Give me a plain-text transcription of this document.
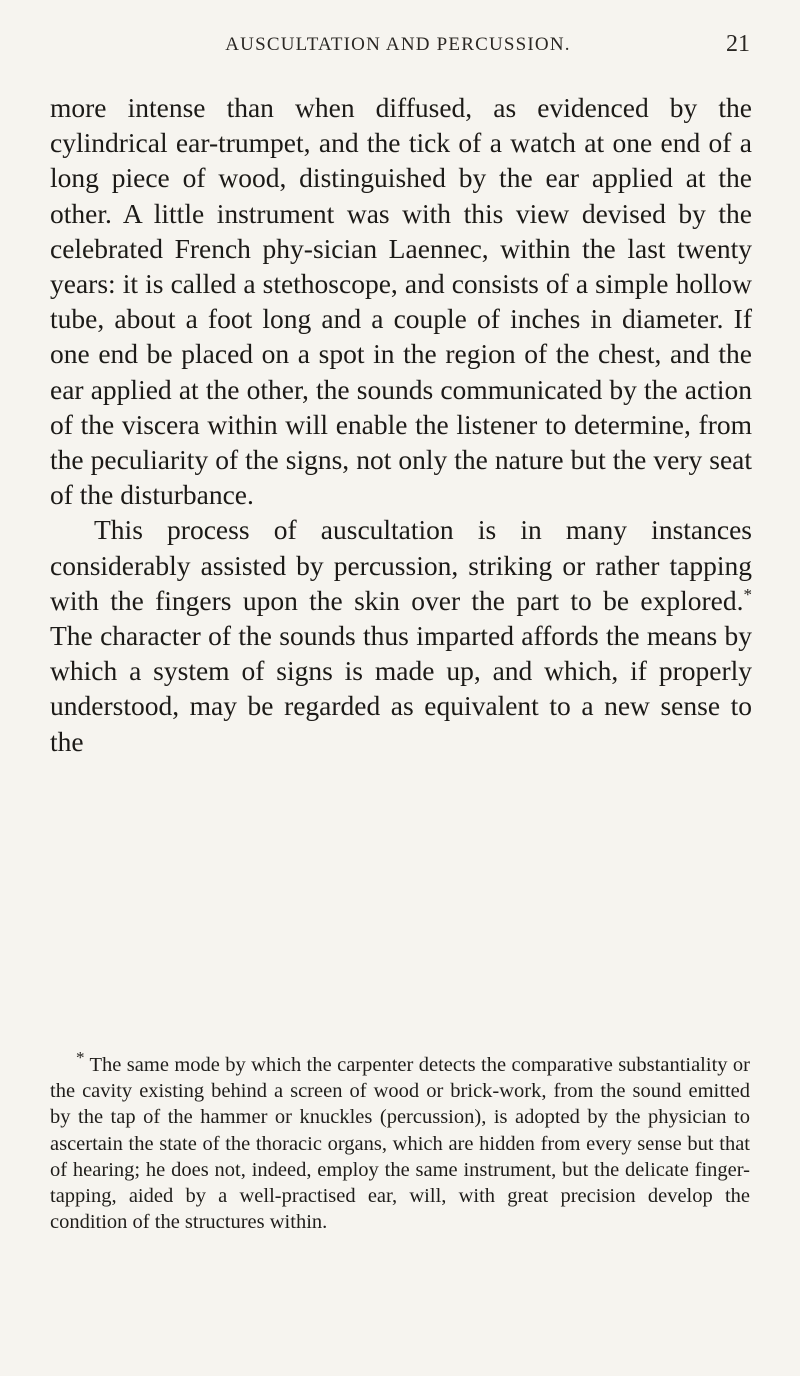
AUSCULTATION AND PERCUSSION.	21

more intense than when diffused, as evidenced by the cylindrical ear-trumpet, and the tick of a watch at one end of a long piece of wood, distinguished by the ear applied at the other. A little instrument was with this view devised by the celebrated French phy-sician Laennec, within the last twenty years: it is called a stethoscope, and consists of a simple hollow tube, about a foot long and a couple of inches in diameter. If one end be placed on a spot in the region of the chest, and the ear applied at the other, the sounds communicated by the action of the viscera within will enable the listener to determine, from the peculiarity of the signs, not only the nature but the very seat of the disturbance.

This process of auscultation is in many instances considerably assisted by percussion, striking or rather tapping with the fingers upon the skin over the part to be explored.* The character of the sounds thus imparted affords the means by which a system of signs is made up, and which, if properly understood, may be regarded as equivalent to a new sense to the

* The same mode by which the carpenter detects the comparative substantiality or the cavity existing behind a screen of wood or brick-work, from the sound emitted by the tap of the hammer or knuckles (percussion), is adopted by the physician to ascertain the state of the thoracic organs, which are hidden from every sense but that of hearing; he does not, indeed, employ the same instrument, but the delicate finger-tapping, aided by a well-practised ear, will, with great precision develop the condition of the structures within.
